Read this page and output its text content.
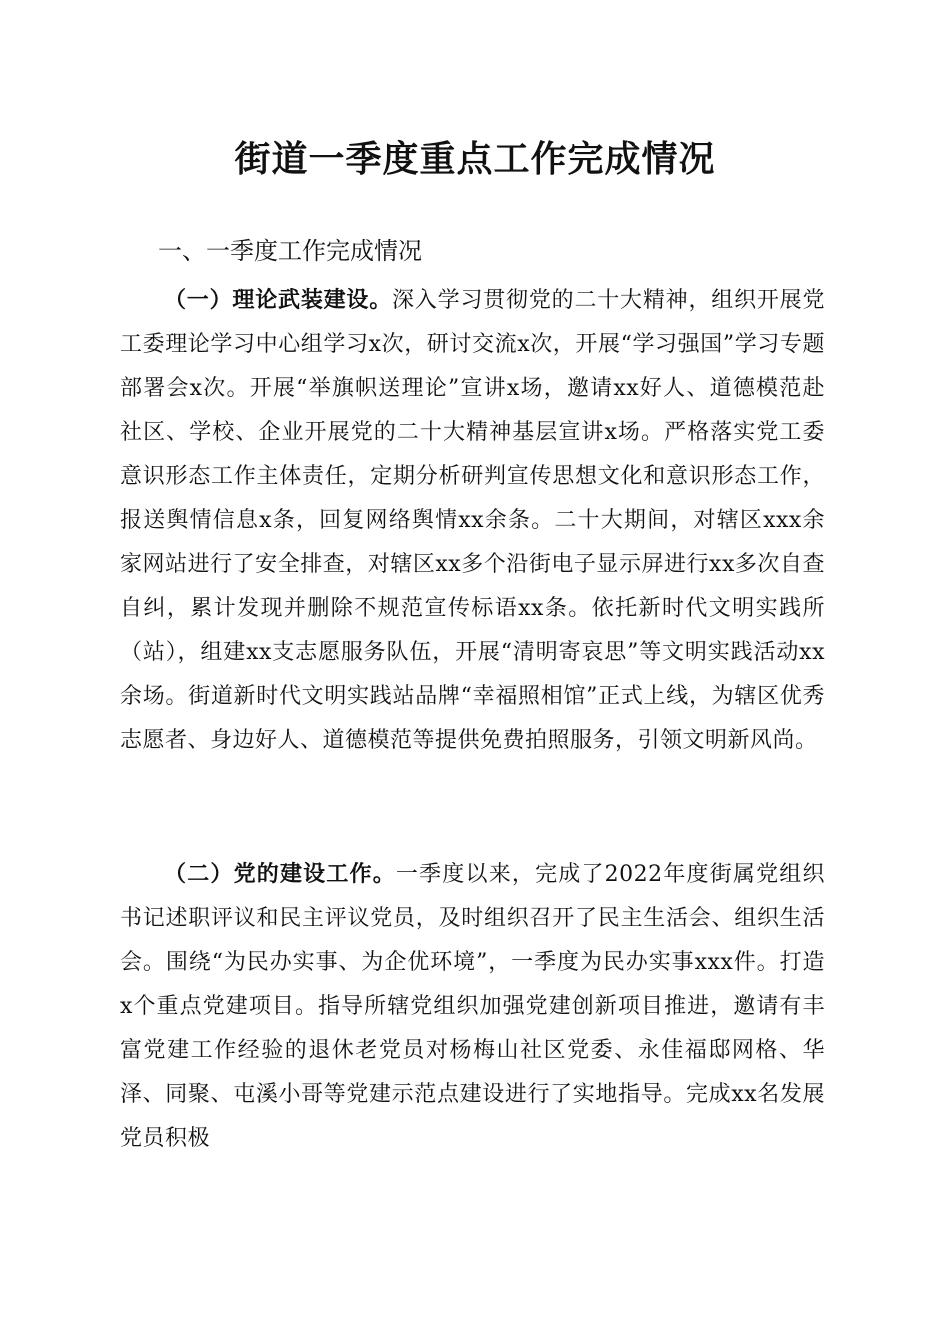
街道一季度重点工作完成情况

一、一季度工作完成情况

（一）理论武装建设。深入学习贯彻党的二十大精神，组织开展党工委理论学习中心组学习x次，研讨交流x次，开展“学习强国”学习专题部署会x次。开展“举旗帜送理论”宣讲x场，邀请xx好人、道德模范赴社区、学校、企业开展党的二十大精神基层宣讲x场。严格落实党工委意识形态工作主体责任，定期分析研判宣传思想文化和意识形态工作，报送舆情信息x条，回复网络舆情xx余条。二十大期间，对辖区xxx余家网站进行了安全排查，对辖区xx多个沿街电子显示屏进行xx多次自查自纠，累计发现并删除不规范宣传标语xx条。依托新时代文明实践所（站），组建xx支志愿服务队伍，开展“清明寄哀思”等文明实践活动xx余场。街道新时代文明实践站品牌“幸福照相馆”正式上线，为辖区优秀志愿者、身边好人、道德模范等提供免费拍照服务，引领文明新风尚。

（二）党的建设工作。一季度以来，完成了2022年度街属党组织书记述职评议和民主评议党员，及时组织召开了民主生活会、组织生活会。围绕“为民办实事、为企优环境”，一季度为民办实事xxx件。打造x个重点党建项目。指导所辖党组织加强党建创新项目推进，邀请有丰富党建工作经验的退休老党员对杨梅山社区党委、永佳福邸网格、华泽、同聚、屯溪小哥等党建示范点建设进行了实地指导。完成xx名发展党员积极
